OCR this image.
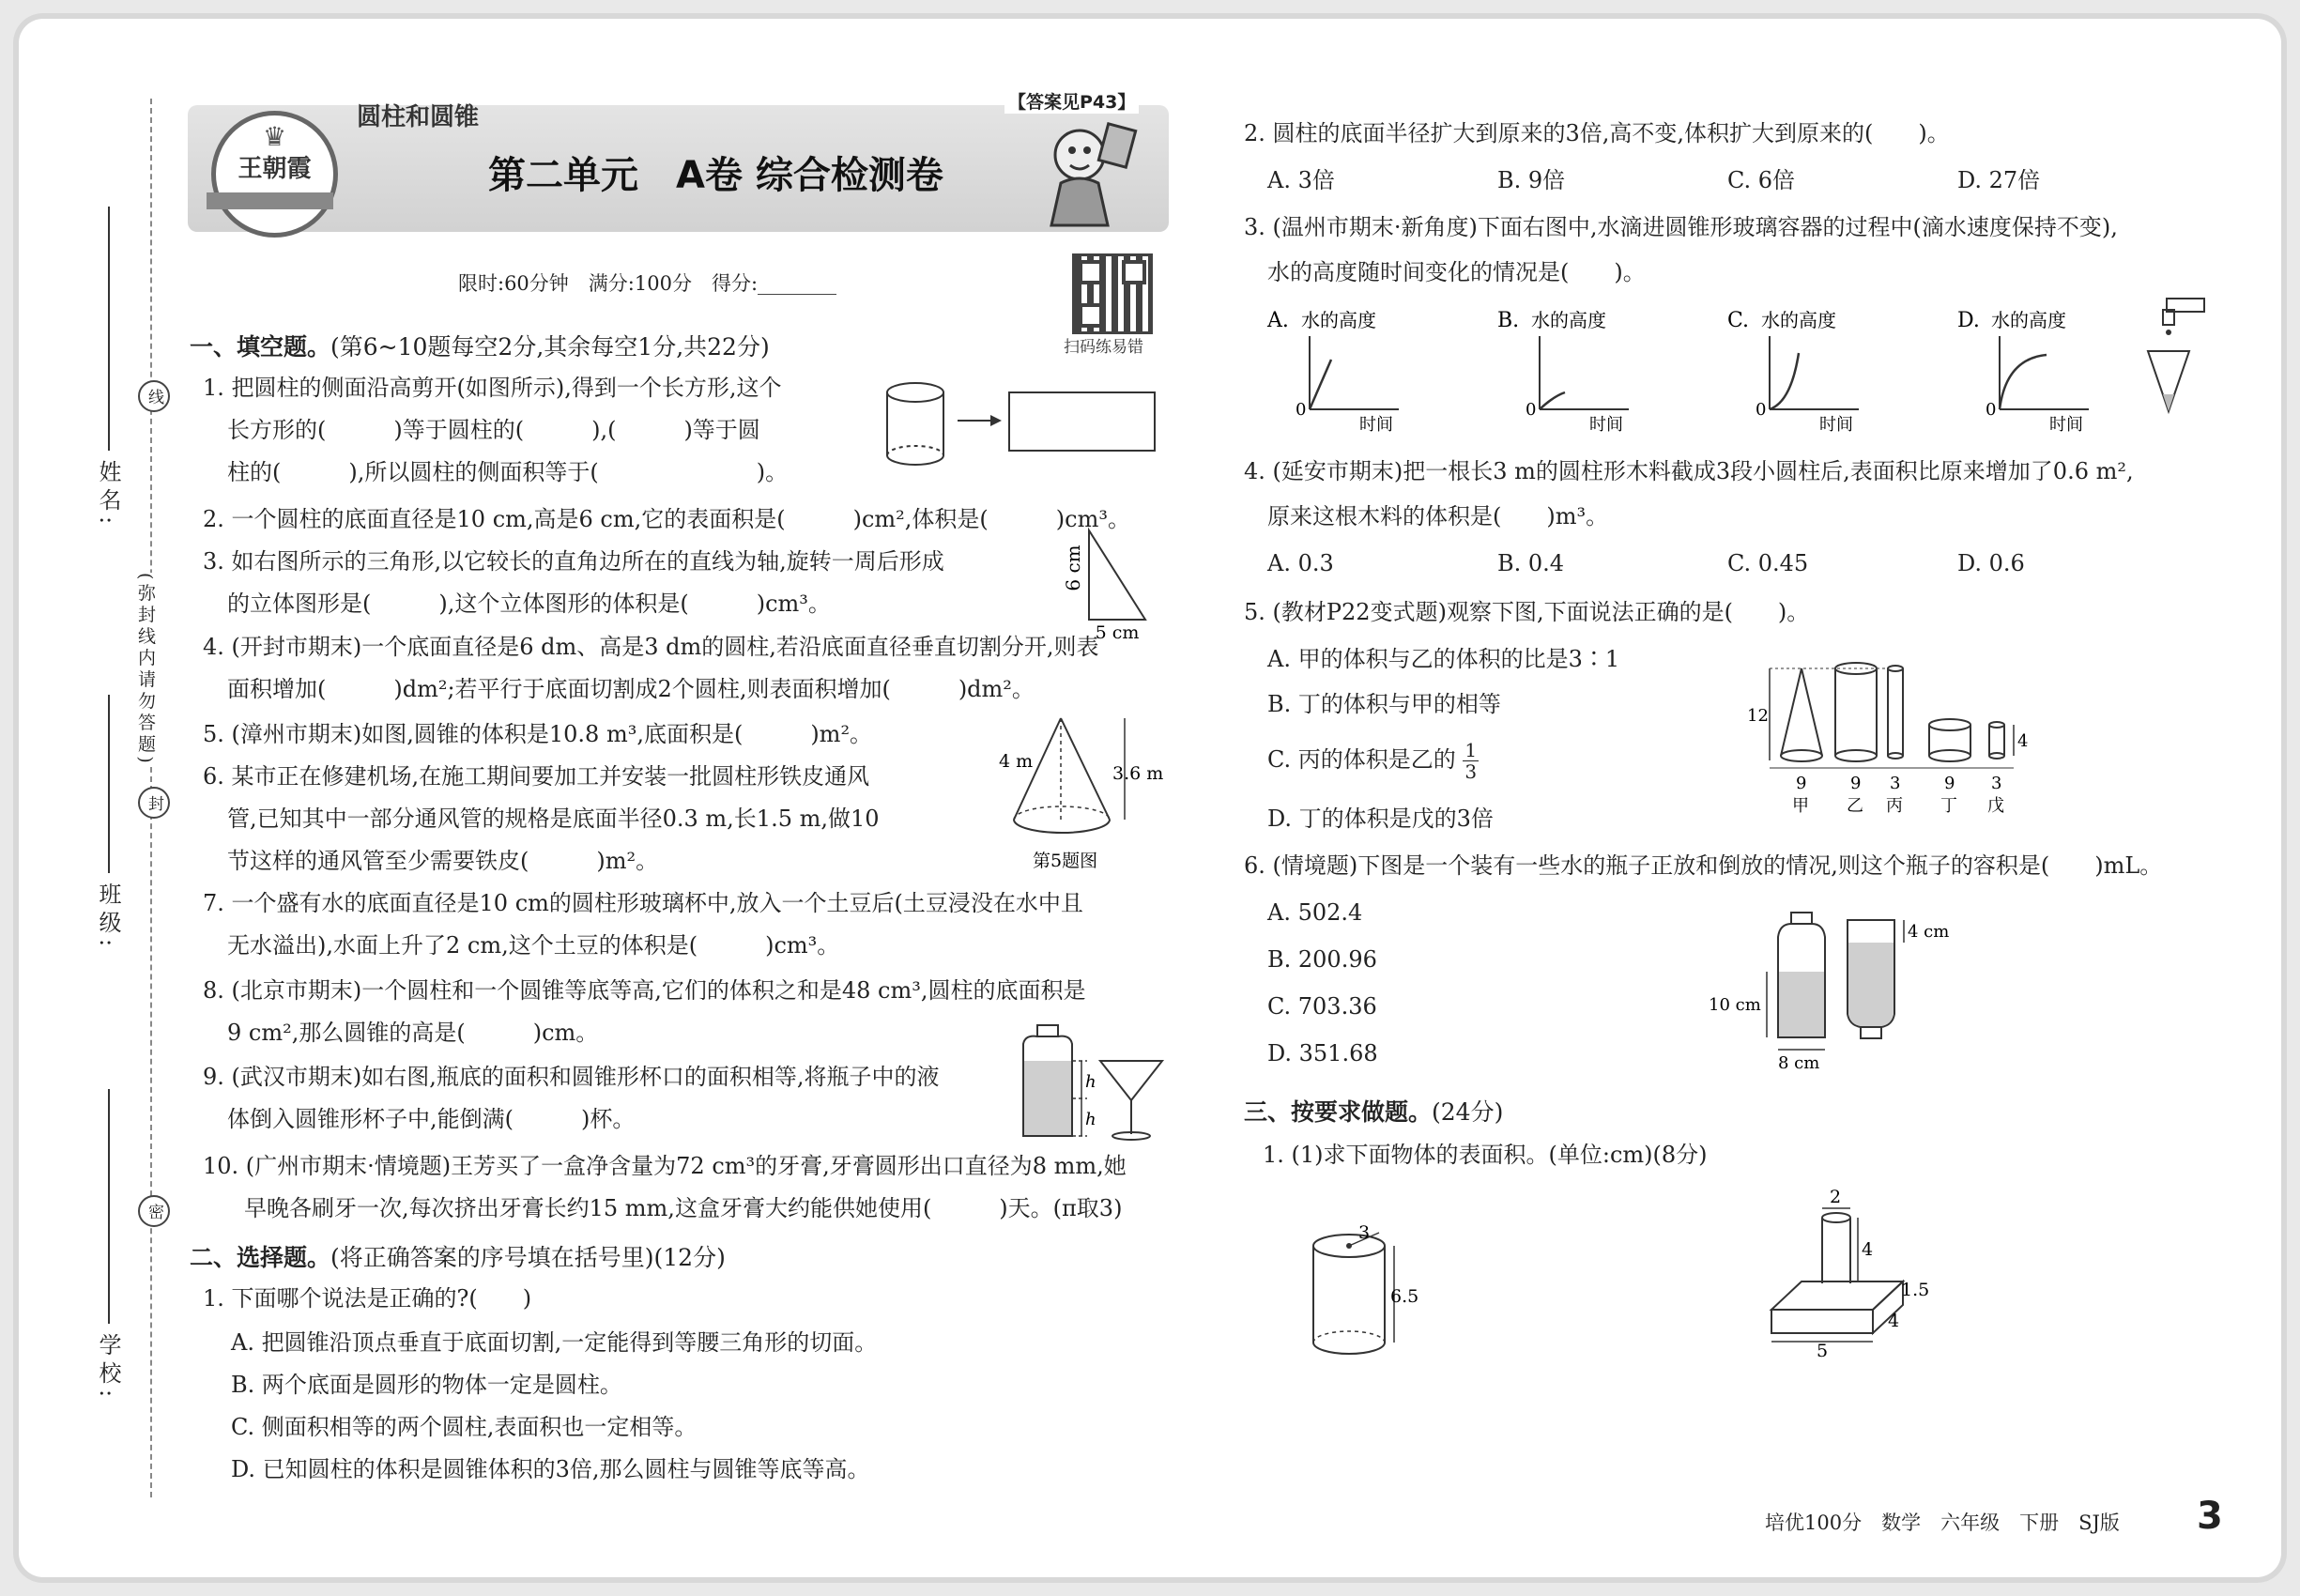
姓名:
班级:
学校:
(弥封线内请勿答题)
线
封
密
♛
王朝霞
圆柱和圆锥
第二单元　A卷 综合检测卷
【答案见P43】
限时:60分钟　满分:100分　得分:________
扫码练易错
一、填空题。(第6~10题每空2分,其余每空1分,共22分)
1. 把圆柱的侧面沿高剪开(如图所示),得到一个长方形,这个
长方形的(　　　)等于圆柱的(　　　),(　　　)等于圆
柱的(　　　),所以圆柱的侧面积等于(　　　　　　　)。
2. 一个圆柱的底面直径是10 cm,高是6 cm,它的表面积是(　　　)cm²,体积是(　　　)cm³。
3. 如右图所示的三角形,以它较长的直角边所在的直线为轴,旋转一周后形成
的立体图形是(　　　),这个立体图形的体积是(　　　)cm³。
6 cm
5 cm
4. (开封市期末)一个底面直径是6 dm、高是3 dm的圆柱,若沿底面直径垂直切割分开,则表
面积增加(　　　)dm²;若平行于底面切割成2个圆柱,则表面积增加(　　　)dm²。
5. (漳州市期末)如图,圆锥的体积是10.8 m³,底面积是(　　　)m²。
4 m
3.6 m
第5题图
6. 某市正在修建机场,在施工期间要加工并安装一批圆柱形铁皮通风
管,已知其中一部分通风管的规格是底面半径0.3 m,长1.5 m,做10
节这样的通风管至少需要铁皮(　　　)m²。
7. 一个盛有水的底面直径是10 cm的圆柱形玻璃杯中,放入一个土豆后(土豆浸没在水中且
无水溢出),水面上升了2 cm,这个土豆的体积是(　　　)cm³。
8. (北京市期末)一个圆柱和一个圆锥等底等高,它们的体积之和是48 cm³,圆柱的底面积是
9 cm²,那么圆锥的高是(　　　)cm。
9. (武汉市期末)如右图,瓶底的面积和圆锥形杯口的面积相等,将瓶子中的液
体倒入圆锥形杯子中,能倒满(　　　)杯。
h
h
10. (广州市期末·情境题)王芳买了一盒净含量为72 cm³的牙膏,牙膏圆形出口直径为8 mm,她
早晚各刷牙一次,每次挤出牙膏长约15 mm,这盒牙膏大约能供她使用(　　　)天。(π取3)
二、选择题。(将正确答案的序号填在括号里)(12分)
1. 下面哪个说法是正确的?(　　)
A. 把圆锥沿顶点垂直于底面切割,一定能得到等腰三角形的切面。
B. 两个底面是圆形的物体一定是圆柱。
C. 侧面积相等的两个圆柱,表面积也一定相等。
D. 已知圆柱的体积是圆锥体积的3倍,那么圆柱与圆锥等底等高。
2. 圆柱的底面半径扩大到原来的3倍,高不变,体积扩大到原来的(　　)。
A. 3倍	B. 9倍	C. 6倍	D. 27倍
3. (温州市期末·新角度)下面右图中,水滴进圆锥形玻璃容器的过程中(滴水速度保持不变),
水的高度随时间变化的情况是(　　)。
A. 水的高度
0
时间
B. 水的高度
0
时间
C. 水的高度
0
时间
D. 水的高度
0
时间
4. (延安市期末)把一根长3 m的圆柱形木料截成3段小圆柱后,表面积比原来增加了0.6 m²,
原来这根木料的体积是(　　)m³。
A. 0.3	B. 0.4	C. 0.45	D. 0.6
5. (教材P22变式题)观察下图,下面说法正确的是(　　)。
A. 甲的体积与乙的体积的比是3∶1
B. 丁的体积与甲的相等
C. 丙的体积是乙的 $\frac{1}{3}$
D. 丁的体积是戊的3倍
12
4
9	9 3	9 3
甲 乙 丙 丁 戊
6. (情境题)下图是一个装有一些水的瓶子正放和倒放的情况,则这个瓶子的容积是(　　)mL。
A. 502.4
B. 200.96
C. 703.36
D. 351.68
10 cm
8 cm
4 cm
三、按要求做题。(24分)
1. (1)求下面物体的表面积。(单位:cm)(8分)
3
6.5
2
4
1.5
4
5
培优100分　数学　六年级　下册　SJ版 3
